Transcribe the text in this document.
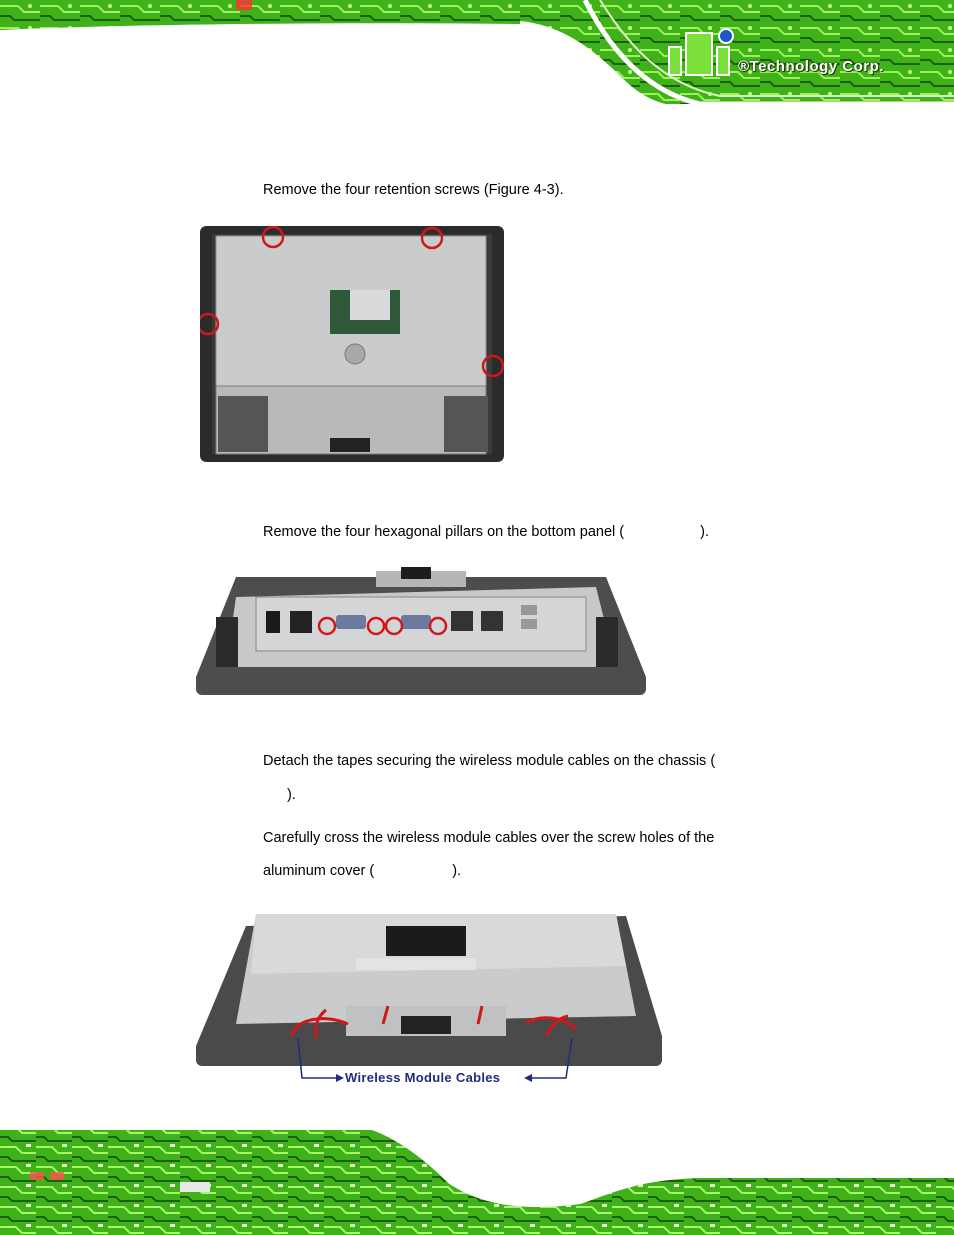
®Technology Corp.
Remove the four retention screws (Figure 4-3).
Remove the four hexagonal pillars on the bottom panel (	).
Detach the tapes securing the wireless module cables on the chassis (
).
Carefully cross the wireless module cables over the screw holes of the
aluminum cover (	).
Wireless Module Cables
